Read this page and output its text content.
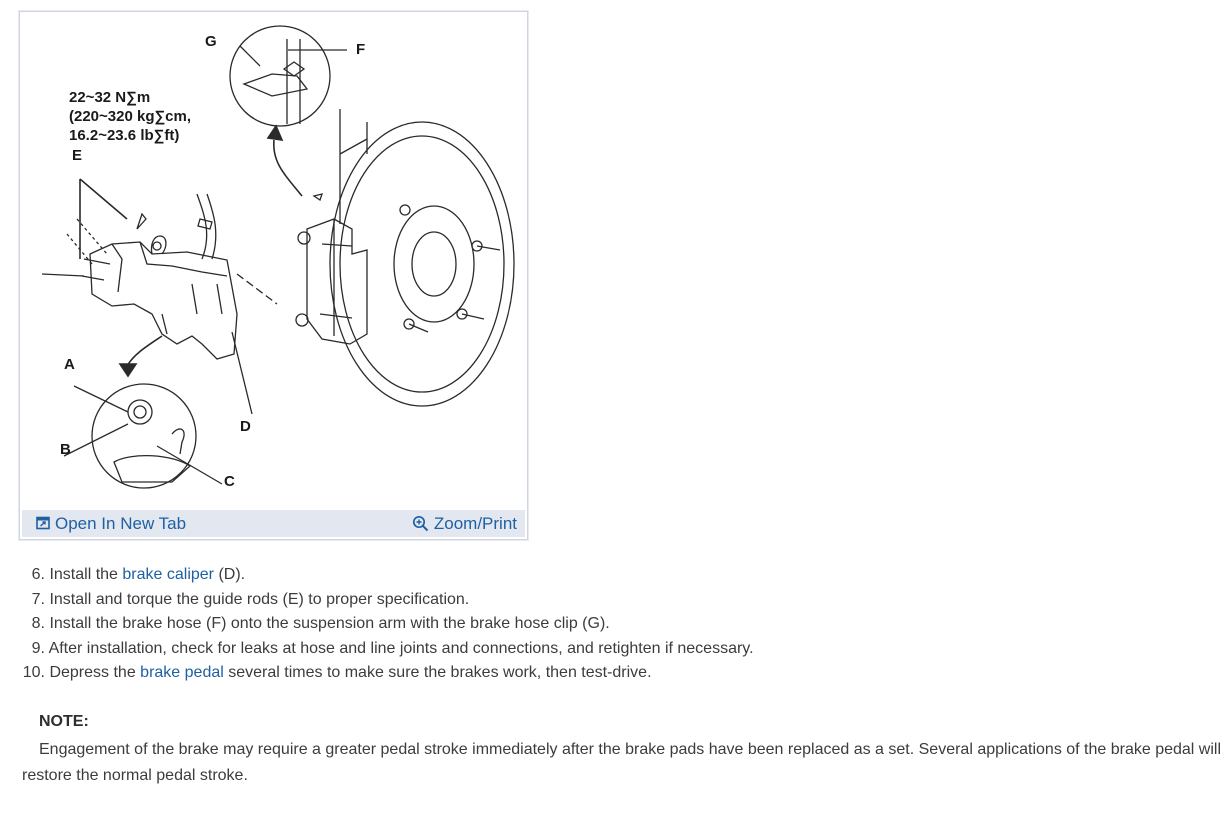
22~32 N∑m
(220~320 kg∑cm,
16.2~23.6 lb∑ft)
E
G	F
A
B
C
D
Open In New Tab	Zoom/Print
6. Install the brake caliper (D).
7. Install and torque the guide rods (E) to proper specification.
8. Install the brake hose (F) onto the suspension arm with the brake hose clip (G).
9. After installation, check for leaks at hose and line joints and connections, and retighten if necessary.
10. Depress the brake pedal several times to make sure the brakes work, then test-drive.
NOTE:

Engagement of the brake may require a greater pedal stroke immediately after the brake pads have been replaced as a set. Several applications of the brake pedal will restore the normal pedal stroke.
